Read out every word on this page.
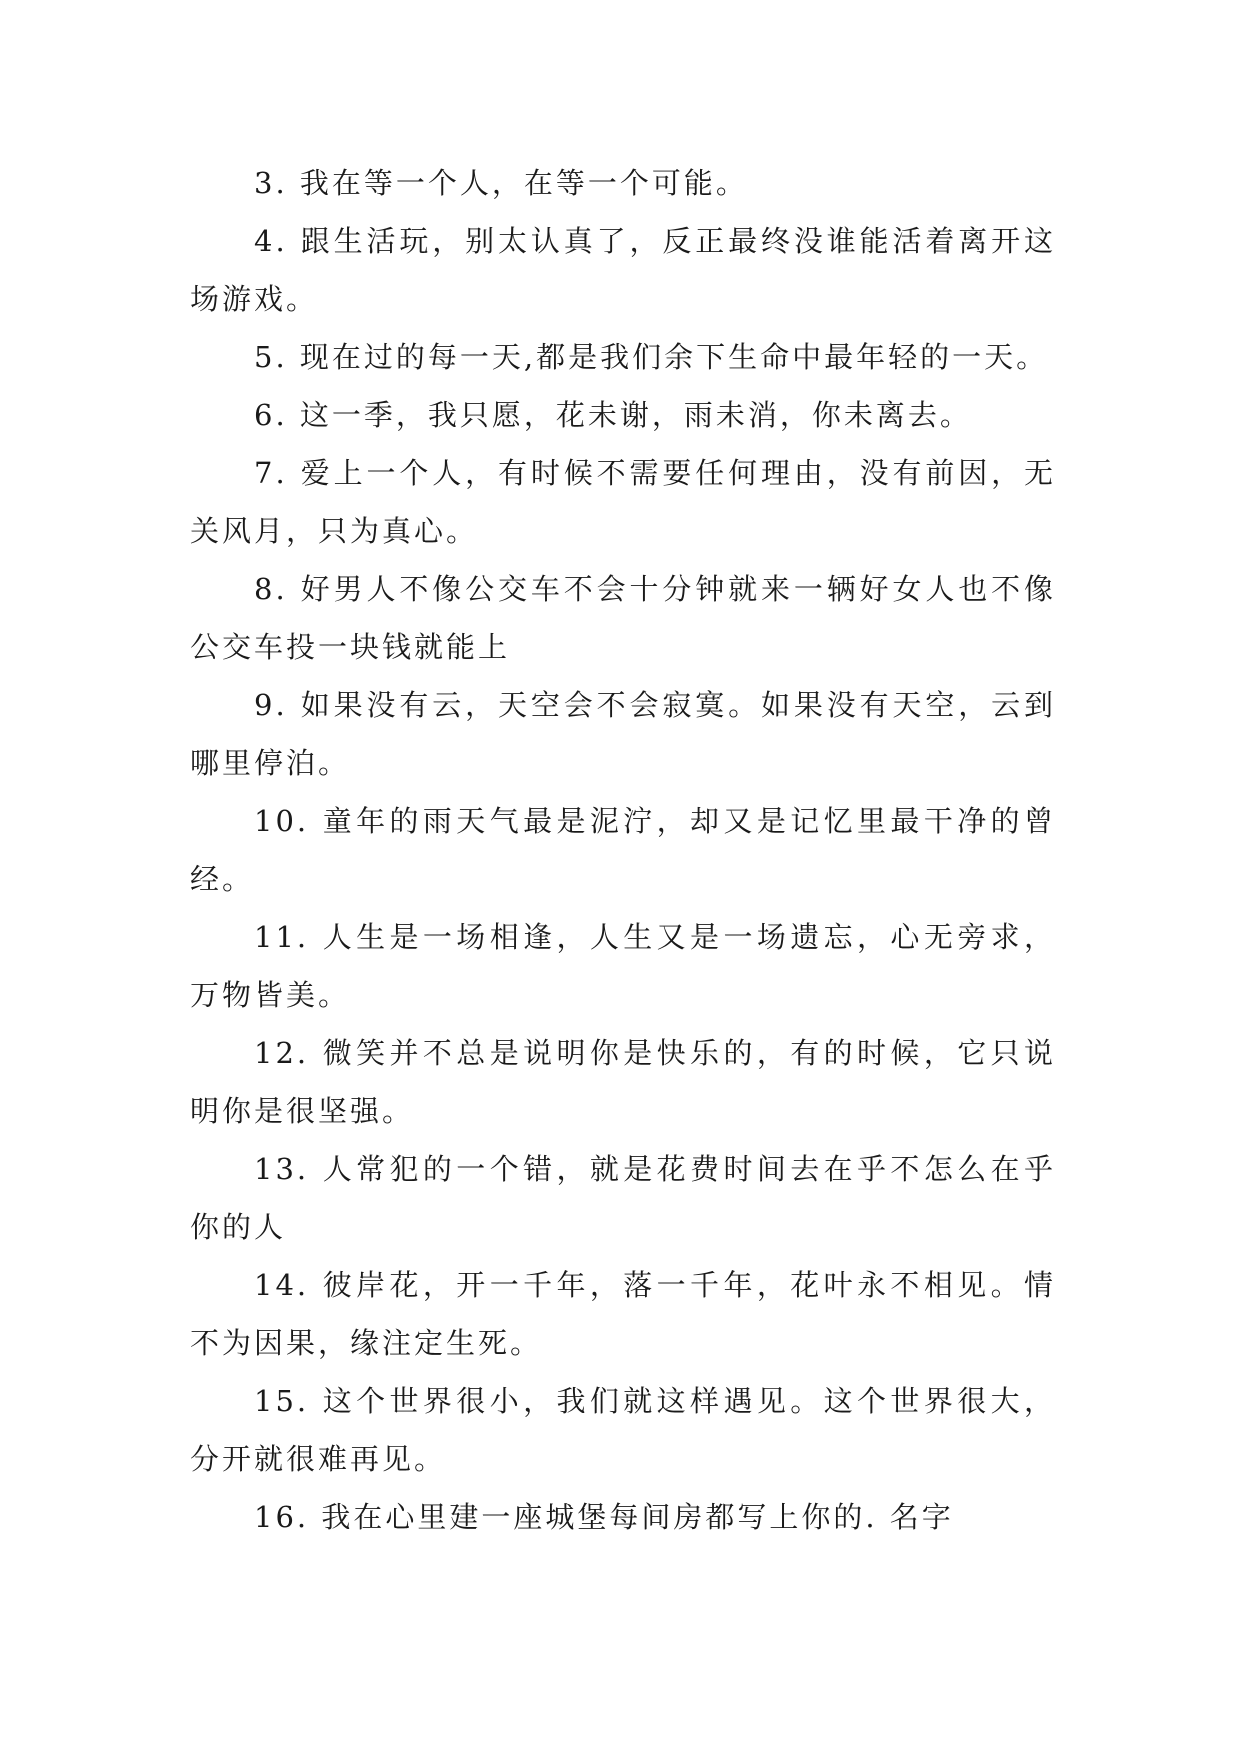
3. 我在等一个人，在等一个可能。

4. 跟生活玩，别太认真了，反正最终没谁能活着离开这场游戏。

5. 现在过的每一天,都是我们余下生命中最年轻的一天。

6. 这一季，我只愿，花未谢，雨未消，你未离去。

7. 爱上一个人，有时候不需要任何理由，没有前因，无关风月，只为真心。

8. 好男人不像公交车不会十分钟就来一辆好女人也不像公交车投一块钱就能上

9. 如果没有云，天空会不会寂寞。如果没有天空，云到哪里停泊。

10. 童年的雨天气最是泥泞，却又是记忆里最干净的曾经。

11. 人生是一场相逢，人生又是一场遗忘，心无旁求，万物皆美。

12. 微笑并不总是说明你是快乐的，有的时候，它只说明你是很坚强。

13. 人常犯的一个错，就是花费时间去在乎不怎么在乎你的人

14. 彼岸花，开一千年，落一千年，花叶永不相见。情不为因果，缘注定生死。

15. 这个世界很小，我们就这样遇见。这个世界很大，分开就很难再见。

16. 我在心里建一座城堡每间房都写上你的. 名字
